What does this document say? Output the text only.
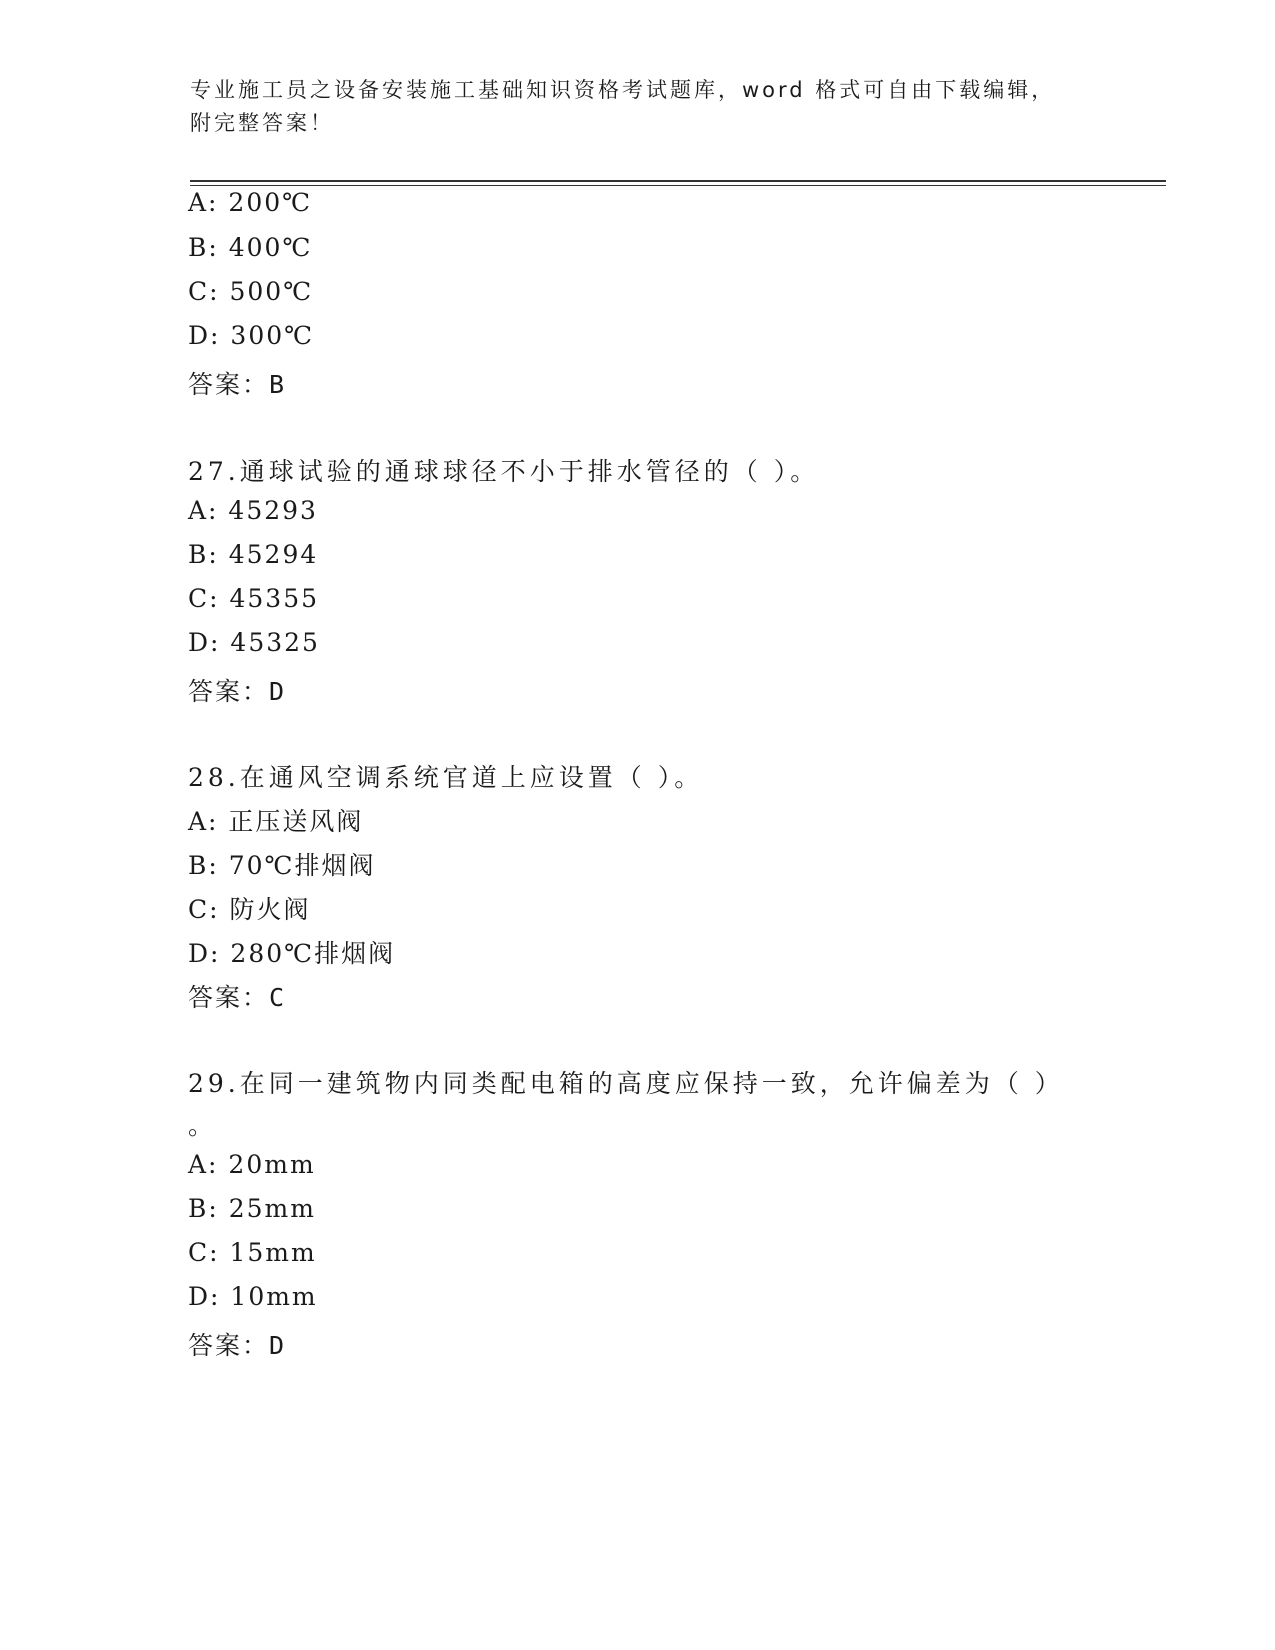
专业施工员之设备安装施工基础知识资格考试题库，word 格式可自由下载编辑，
附完整答案！
A: 200℃
B: 400℃
C: 500℃
D: 300℃
答案：B
27.通球试验的通球球径不小于排水管径的（ ）。
A: 45293
B: 45294
C: 45355
D: 45325
答案：D
28.在通风空调系统官道上应设置（ ）。
A: 正压送风阀
B: 70℃排烟阀
C: 防火阀
D: 280℃排烟阀
答案：C
29.在同一建筑物内同类配电箱的高度应保持一致，允许偏差为（ ）
。
A: 20mm
B: 25mm
C: 15mm
D: 10mm
答案：D
